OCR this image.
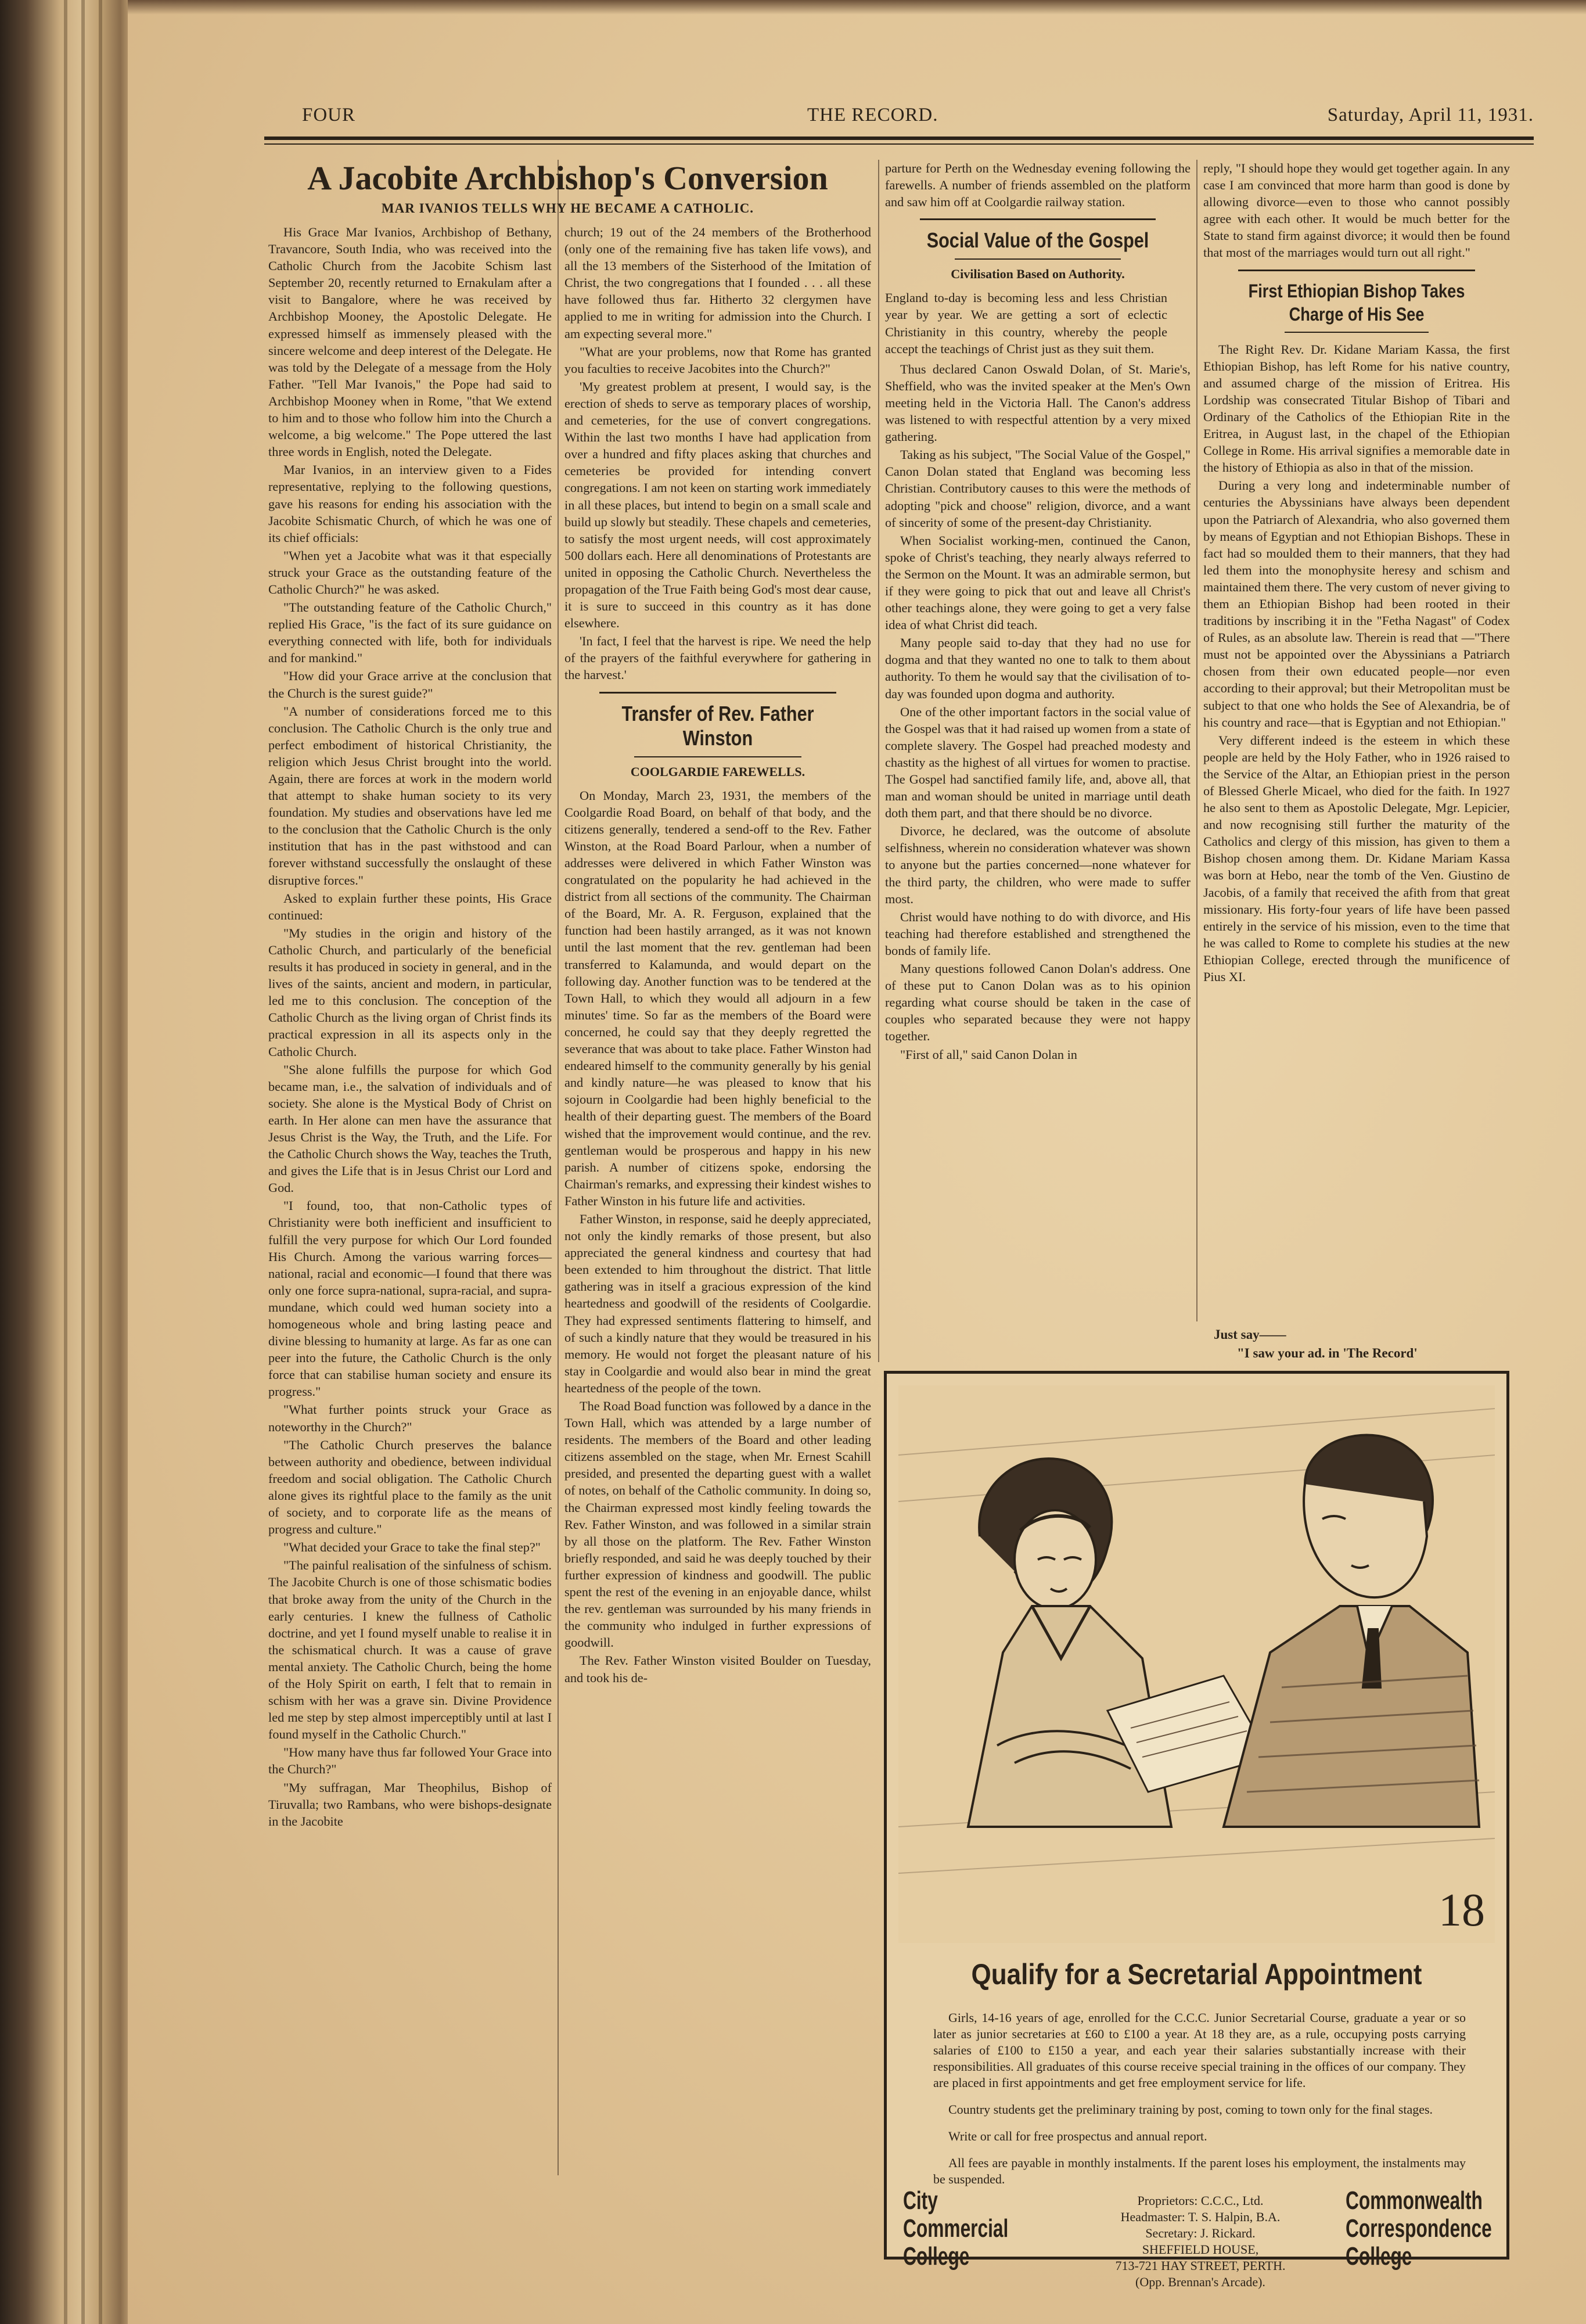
FOUR	THE RECORD.	Saturday, April 11, 1931.
A Jacobite Archbishop's Conversion
MAR IVANIOS TELLS WHY HE BECAME A CATHOLIC.

His Grace Mar Ivanios, Archbishop of Bethany, Travancore, South India, who was received into the Catholic Church from the Jacobite Schism last September 20, recently returned to Ernakulam after a visit to Bangalore, where he was received by Archbishop Mooney, the Apostolic Delegate. He expressed himself as immensely pleased with the sincere welcome and deep interest of the Delegate. He was told by the Delegate of a message from the Holy Father. "Tell Mar Ivanois," the Pope had said to Archbishop Mooney when in Rome, "that We extend to him and to those who follow him into the Church a welcome, a big welcome." The Pope uttered the last three words in English, noted the Delegate.

Mar Ivanios, in an interview given to a Fides representative, replying to the following questions, gave his reasons for ending his association with the Jacobite Schismatic Church, of which he was one of its chief officials:

"When yet a Jacobite what was it that especially struck your Grace as the outstanding feature of the Catholic Church?" he was asked.

"The outstanding feature of the Catholic Church," replied His Grace, "is the fact of its sure guidance on everything connected with life, both for individuals and for mankind."

"How did your Grace arrive at the conclusion that the Church is the surest guide?"

"A number of considerations forced me to this conclusion. The Catholic Church is the only true and perfect embodiment of historical Christianity, the religion which Jesus Christ brought into the world. Again, there are forces at work in the modern world that attempt to shake human society to its very foundation. My studies and observations have led me to the conclusion that the Catholic Church is the only institution that has in the past withstood and can forever withstand successfully the onslaught of these disruptive forces."

Asked to explain further these points, His Grace continued:

"My studies in the origin and history of the Catholic Church, and particularly of the beneficial results it has produced in society in general, and in the lives of the saints, ancient and modern, in particular, led me to this conclusion. The conception of the Catholic Church as the living organ of Christ finds its practical expression in all its aspects only in the Catholic Church.

"She alone fulfills the purpose for which God became man, i.e., the salvation of individuals and of society. She alone is the Mystical Body of Christ on earth. In Her alone can men have the assurance that Jesus Christ is the Way, the Truth, and the Life. For the Catholic Church shows the Way, teaches the Truth, and gives the Life that is in Jesus Christ our Lord and God.

"I found, too, that non-Catholic types of Christianity were both inefficient and insufficient to fulfill the very purpose for which Our Lord founded His Church. Among the various warring forces—national, racial and economic—I found that there was only one force supra-national, supra-racial, and supra-mundane, which could wed human society into a homogeneous whole and bring lasting peace and divine blessing to humanity at large. As far as one can peer into the future, the Catholic Church is the only force that can stabilise human society and ensure its progress."

"What further points struck your Grace as noteworthy in the Church?"

"The Catholic Church preserves the balance between authority and obedience, between individual freedom and social obligation. The Catholic Church alone gives its rightful place to the family as the unit of society, and to corporate life as the means of progress and culture."

"What decided your Grace to take the final step?"

"The painful realisation of the sinfulness of schism. The Jacobite Church is one of those schismatic bodies that broke away from the unity of the Church in the early centuries. I knew the fullness of Catholic doctrine, and yet I found myself unable to realise it in the schismatical church. It was a cause of grave mental anxiety. The Catholic Church, being the home of the Holy Spirit on earth, I felt that to remain in schism with her was a grave sin. Divine Providence led me step by step almost imperceptibly until at last I found myself in the Catholic Church."

"How many have thus far followed Your Grace into the Church?"

"My suffragan, Mar Theophilus, Bishop of Tiruvalla; two Rambans, who were bishops-designate in the Jacobite

church; 19 out of the 24 members of the Brotherhood (only one of the remaining five has taken life vows), and all the 13 members of the Sisterhood of the Imitation of Christ, the two congregations that I founded . . . all these have followed thus far. Hitherto 32 clergymen have applied to me in writing for admission into the Church. I am expecting several more."

"What are your problems, now that Rome has granted you faculties to receive Jacobites into the Church?"

'My greatest problem at present, I would say, is the erection of sheds to serve as temporary places of worship, and cemeteries, for the use of convert congregations. Within the last two months I have had application from over a hundred and fifty places asking that churches and cemeteries be provided for intending convert congregations. I am not keen on starting work immediately in all these places, but intend to begin on a small scale and build up slowly but steadily. These chapels and cemeteries, to satisfy the most urgent needs, will cost approximately 500 dollars each. Here all denominations of Protestants are united in opposing the Catholic Church. Nevertheless the propagation of the True Faith being God's most dear cause, it is sure to succeed in this country as it has done elsewhere.

'In fact, I feel that the harvest is ripe. We need the help of the prayers of the faithful everywhere for gathering in the harvest.'

Transfer of Rev. Father Winston
COOLGARDIE FAREWELLS.

On Monday, March 23, 1931, the members of the Coolgardie Road Board, on behalf of that body, and the citizens generally, tendered a send-off to the Rev. Father Winston, at the Road Board Parlour, when a number of addresses were delivered in which Father Winston was congratulated on the popularity he had achieved in the district from all sections of the community. The Chairman of the Board, Mr. A. R. Ferguson, explained that the function had been hastily arranged, as it was not known until the last moment that the rev. gentleman had been transferred to Kalamunda, and would depart on the following day. Another function was to be tendered at the Town Hall, to which they would all adjourn in a few minutes' time. So far as the members of the Board were concerned, he could say that they deeply regretted the severance that was about to take place. Father Winston had endeared himself to the community generally by his genial and kindly nature—he was pleased to know that his sojourn in Coolgardie had been highly beneficial to the health of their departing guest. The members of the Board wished that the improvement would continue, and the rev. gentleman would be prosperous and happy in his new parish. A number of citizens spoke, endorsing the Chairman's remarks, and expressing their kindest wishes to Father Winston in his future life and activities.

Father Winston, in response, said he deeply appreciated, not only the kindly remarks of those present, but also appreciated the general kindness and courtesy that had been extended to him throughout the district. That little gathering was in itself a gracious expression of the kind heartedness and goodwill of the residents of Coolgardie. They had expressed sentiments flattering to himself, and of such a kindly nature that they would be treasured in his memory. He would not forget the pleasant nature of his stay in Coolgardie and would also bear in mind the great heartedness of the people of the town.

The Road Boad function was followed by a dance in the Town Hall, which was attended by a large number of residents. The members of the Board and other leading citizens assembled on the stage, when Mr. Ernest Scahill presided, and presented the departing guest with a wallet of notes, on behalf of the Catholic community. In doing so, the Chairman expressed most kindly feeling towards the Rev. Father Winston, and was followed in a similar strain by all those on the platform. The Rev. Father Winston briefly responded, and said he was deeply touched by their further expression of kindness and goodwill. The public spent the rest of the evening in an enjoyable dance, whilst the rev. gentleman was surrounded by his many friends in the community who indulged in further expressions of goodwill.

The Rev. Father Winston visited Boulder on Tuesday, and took his de-

parture for Perth on the Wednesday evening following the farewells. A number of friends assembled on the platform and saw him off at Coolgardie railway station.

Social Value of the Gospel
Civilisation Based on Authority.

England to-day is becoming less and less Christian year by year. We are getting a sort of eclectic Christianity in this country, whereby the people accept the teachings of Christ just as they suit them.

Thus declared Canon Oswald Dolan, of St. Marie's, Sheffield, who was the invited speaker at the Men's Own meeting held in the Victoria Hall. The Canon's address was listened to with respectful attention by a very mixed gathering.

Taking as his subject, "The Social Value of the Gospel," Canon Dolan stated that England was becoming less Christian. Contributory causes to this were the methods of adopting "pick and choose" religion, divorce, and a want of sincerity of some of the present-day Christianity.

When Socialist working-men, continued the Canon, spoke of Christ's teaching, they nearly always referred to the Sermon on the Mount. It was an admirable sermon, but if they were going to pick that out and leave all Christ's other teachings alone, they were going to get a very false idea of what Christ did teach.

Many people said to-day that they had no use for dogma and that they wanted no one to talk to them about authority. To them he would say that the civilisation of to-day was founded upon dogma and authority.

One of the other important factors in the social value of the Gospel was that it had raised up women from a state of complete slavery. The Gospel had preached modesty and chastity as the highest of all virtues for women to practise. The Gospel had sanctified family life, and, above all, that man and woman should be united in marriage until death doth them part, and that there should be no divorce.

Divorce, he declared, was the outcome of absolute selfishness, wherein no consideration whatever was shown to anyone but the parties concerned—none whatever for the third party, the children, who were made to suffer most.

Christ would have nothing to do with divorce, and His teaching had therefore established and strengthened the bonds of family life.

Many questions followed Canon Dolan's address. One of these put to Canon Dolan was as to his opinion regarding what course should be taken in the case of couples who separated because they were not happy together.

"First of all," said Canon Dolan in

reply, "I should hope they would get together again. In any case I am convinced that more harm than good is done by allowing divorce—even to those who cannot possibly agree with each other. It would be much better for the State to stand firm against divorce; it would then be found that most of the marriages would turn out all right."

First Ethiopian Bishop Takes Charge of His See

The Right Rev. Dr. Kidane Mariam Kassa, the first Ethiopian Bishop, has left Rome for his native country, and assumed charge of the mission of Eritrea. His Lordship was consecrated Titular Bishop of Tibari and Ordinary of the Catholics of the Ethiopian Rite in the Eritrea, in August last, in the chapel of the Ethiopian College in Rome. His arrival signifies a memorable date in the history of Ethiopia as also in that of the mission.

During a very long and indeterminable number of centuries the Abyssinians have always been dependent upon the Patriarch of Alexandria, who also governed them by means of Egyptian and not Ethiopian Bishops. These in fact had so moulded them to their manners, that they had led them into the monophysite heresy and schism and maintained them there. The very custom of never giving to them an Ethiopian Bishop had been rooted in their traditions by inscribing it in the "Fetha Nagast" of Codex of Rules, as an absolute law. Therein is read that —"There must not be appointed over the Abyssinians a Patriarch chosen from their own educated people—nor even according to their approval; but their Metropolitan must be subject to that one who holds the See of Alexandria, be of his country and race—that is Egyptian and not Ethiopian."

Very different indeed is the esteem in which these people are held by the Holy Father, who in 1926 raised to the Service of the Altar, an Ethiopian priest in the person of Blessed Gherle Micael, who died for the faith. In 1927 he also sent to them as Apostolic Delegate, Mgr. Lepicier, and now recognising still further the maturity of the Catholics and clergy of this mission, has given to them a Bishop chosen among them. Dr. Kidane Mariam Kassa was born at Hebo, near the tomb of the Ven. Giustino de Jacobis, of a family that received the afith from that great missionary. His forty-four years of life have been passed entirely in the service of his mission, even to the time that he was called to Rome to complete his studies at the new Ethiopian College, erected through the munificence of Pius XI.

Just say——
"I saw your ad. in 'The Record'
18
Qualify for a Secretarial Appointment

Girls, 14-16 years of age, enrolled for the C.C.C. Junior Secretarial Course, graduate a year or so later as junior secretaries at £60 to £100 a year. At 18 they are, as a rule, occupying posts carrying salaries of £100 to £150 a year, and each year their salaries substantially increase with their responsibilities. All graduates of this course receive special training in the offices of our company. They are placed in first appointments and get free employment service for life.

Country students get the preliminary training by post, coming to town only for the final stages.

Write or call for free prospectus and annual report.

All fees are payable in monthly instalments. If the parent loses his employment, the instalments may be suspended.

City
Commercial
College
Proprietors: C.C.C., Ltd.
Headmaster: T. S. Halpin, B.A.
Secretary: J. Rickard.
SHEFFIELD HOUSE,
713-721 HAY STREET, PERTH.
(Opp. Brennan's Arcade).
Commonwealth
Correspondence
College
